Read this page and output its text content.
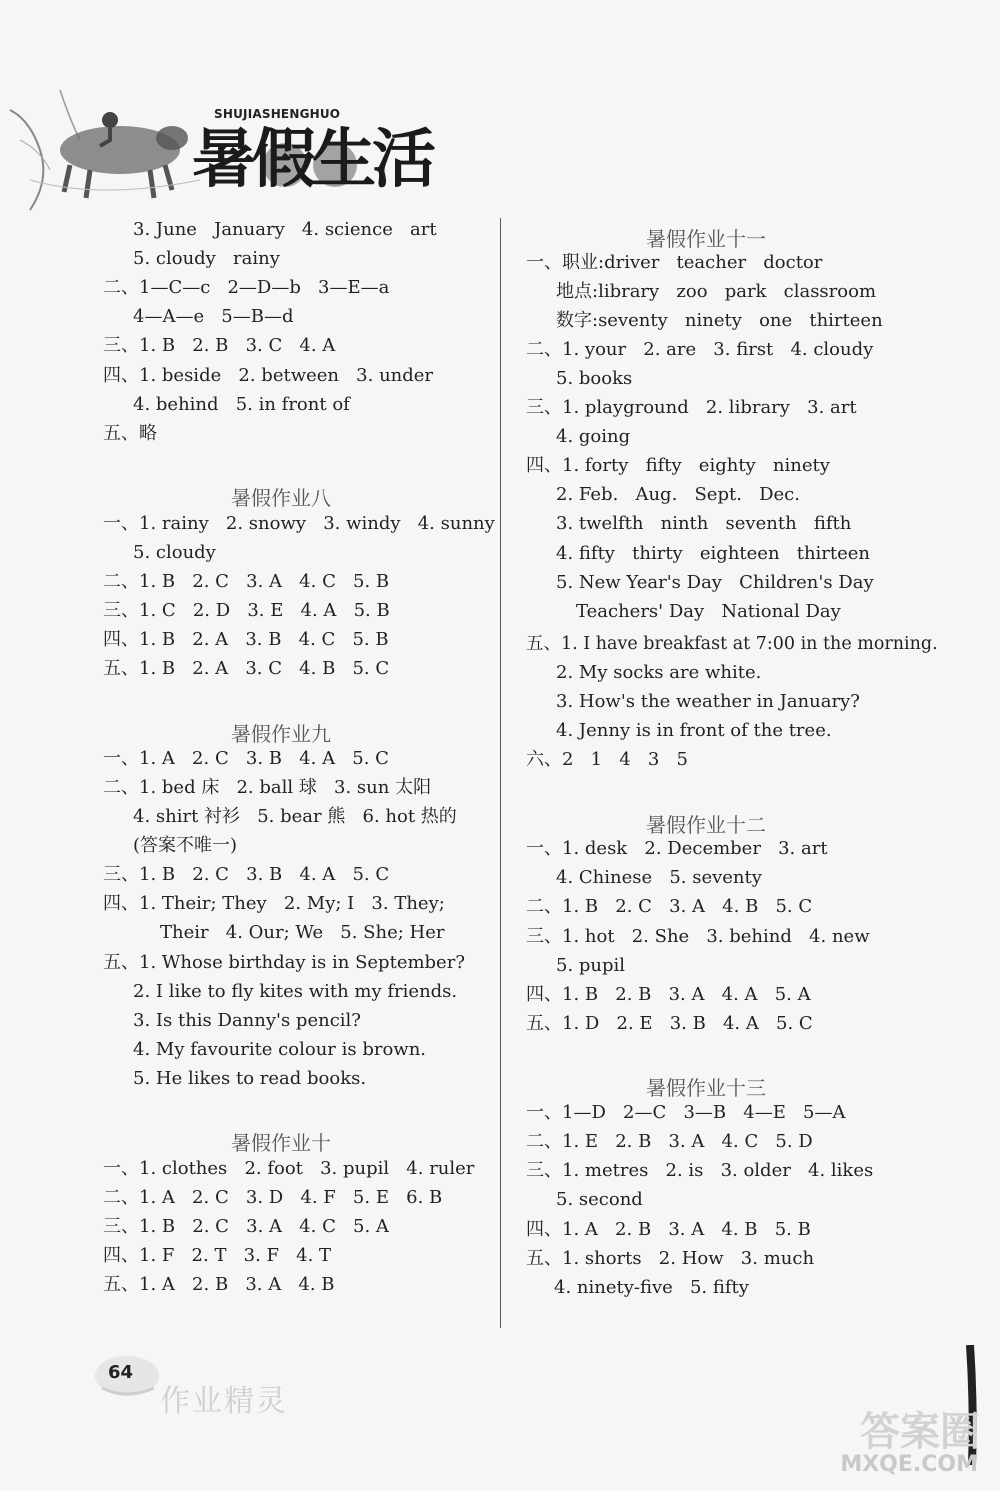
暑假生活
SHUJIASHENGHUO
3. June   January   4. science   art
5. cloudy   rainy
二、1—C—c   2—D—b   3—E—a
4—A—e   5—B—d
三、1. B   2. B   3. C   4. A
四、1. beside   2. between   3. under
4. behind   5. in front of
五、略
暑假作业八
一、1. rainy   2. snowy   3. windy   4. sunny
5. cloudy
二、1. B   2. C   3. A   4. C   5. B
三、1. C   2. D   3. E   4. A   5. B
四、1. B   2. A   3. B   4. C   5. B
五、1. B   2. A   3. C   4. B   5. C
暑假作业九
一、1. A   2. C   3. B   4. A   5. C
二、1. bed 床   2. ball 球   3. sun 太阳
4. shirt 衬衫   5. bear 熊   6. hot 热的
(答案不唯一)
三、1. B   2. C   3. B   4. A   5. C
四、1. Their; They   2. My; I   3. They;
Their   4. Our; We   5. She; Her
五、1. Whose birthday is in September?
2. I like to fly kites with my friends.
3. Is this Danny's pencil?
4. My favourite colour is brown.
5. He likes to read books.
暑假作业十
一、1. clothes   2. foot   3. pupil   4. ruler
二、1. A   2. C   3. D   4. F   5. E   6. B
三、1. B   2. C   3. A   4. C   5. A
四、1. F   2. T   3. F   4. T
五、1. A   2. B   3. A   4. B
暑假作业十一
一、职业:driver   teacher   doctor
地点:library   zoo   park   classroom
数字:seventy   ninety   one   thirteen
二、1. your   2. are   3. first   4. cloudy
5. books
三、1. playground   2. library   3. art
4. going
四、1. forty   fifty   eighty   ninety
2. Feb.   Aug.   Sept.   Dec.
3. twelfth   ninth   seventh   fifth
4. fifty   thirty   eighteen   thirteen
5. New Year's Day   Children's Day
Teachers' Day   National Day
五、1. I have breakfast at 7:00 in the morning.
2. My socks are white.
3. How's the weather in January?
4. Jenny is in front of the tree.
六、2   1   4   3   5
暑假作业十二
一、1. desk   2. December   3. art
4. Chinese   5. seventy
二、1. B   2. C   3. A   4. B   5. C
三、1. hot   2. She   3. behind   4. new
5. pupil
四、1. B   2. B   3. A   4. A   5. A
五、1. D   2. E   3. B   4. A   5. C
暑假作业十三
一、1—D   2—C   3—B   4—E   5—A
二、1. E   2. B   3. A   4. C   5. D
三、1. metres   2. is   3. older   4. likes
5. second
四、1. A   2. B   3. A   4. B   5. B
五、1. shorts   2. How   3. much
4. ninety-five   5. fifty
64
作业精灵
答案圈
MXQE.COM
